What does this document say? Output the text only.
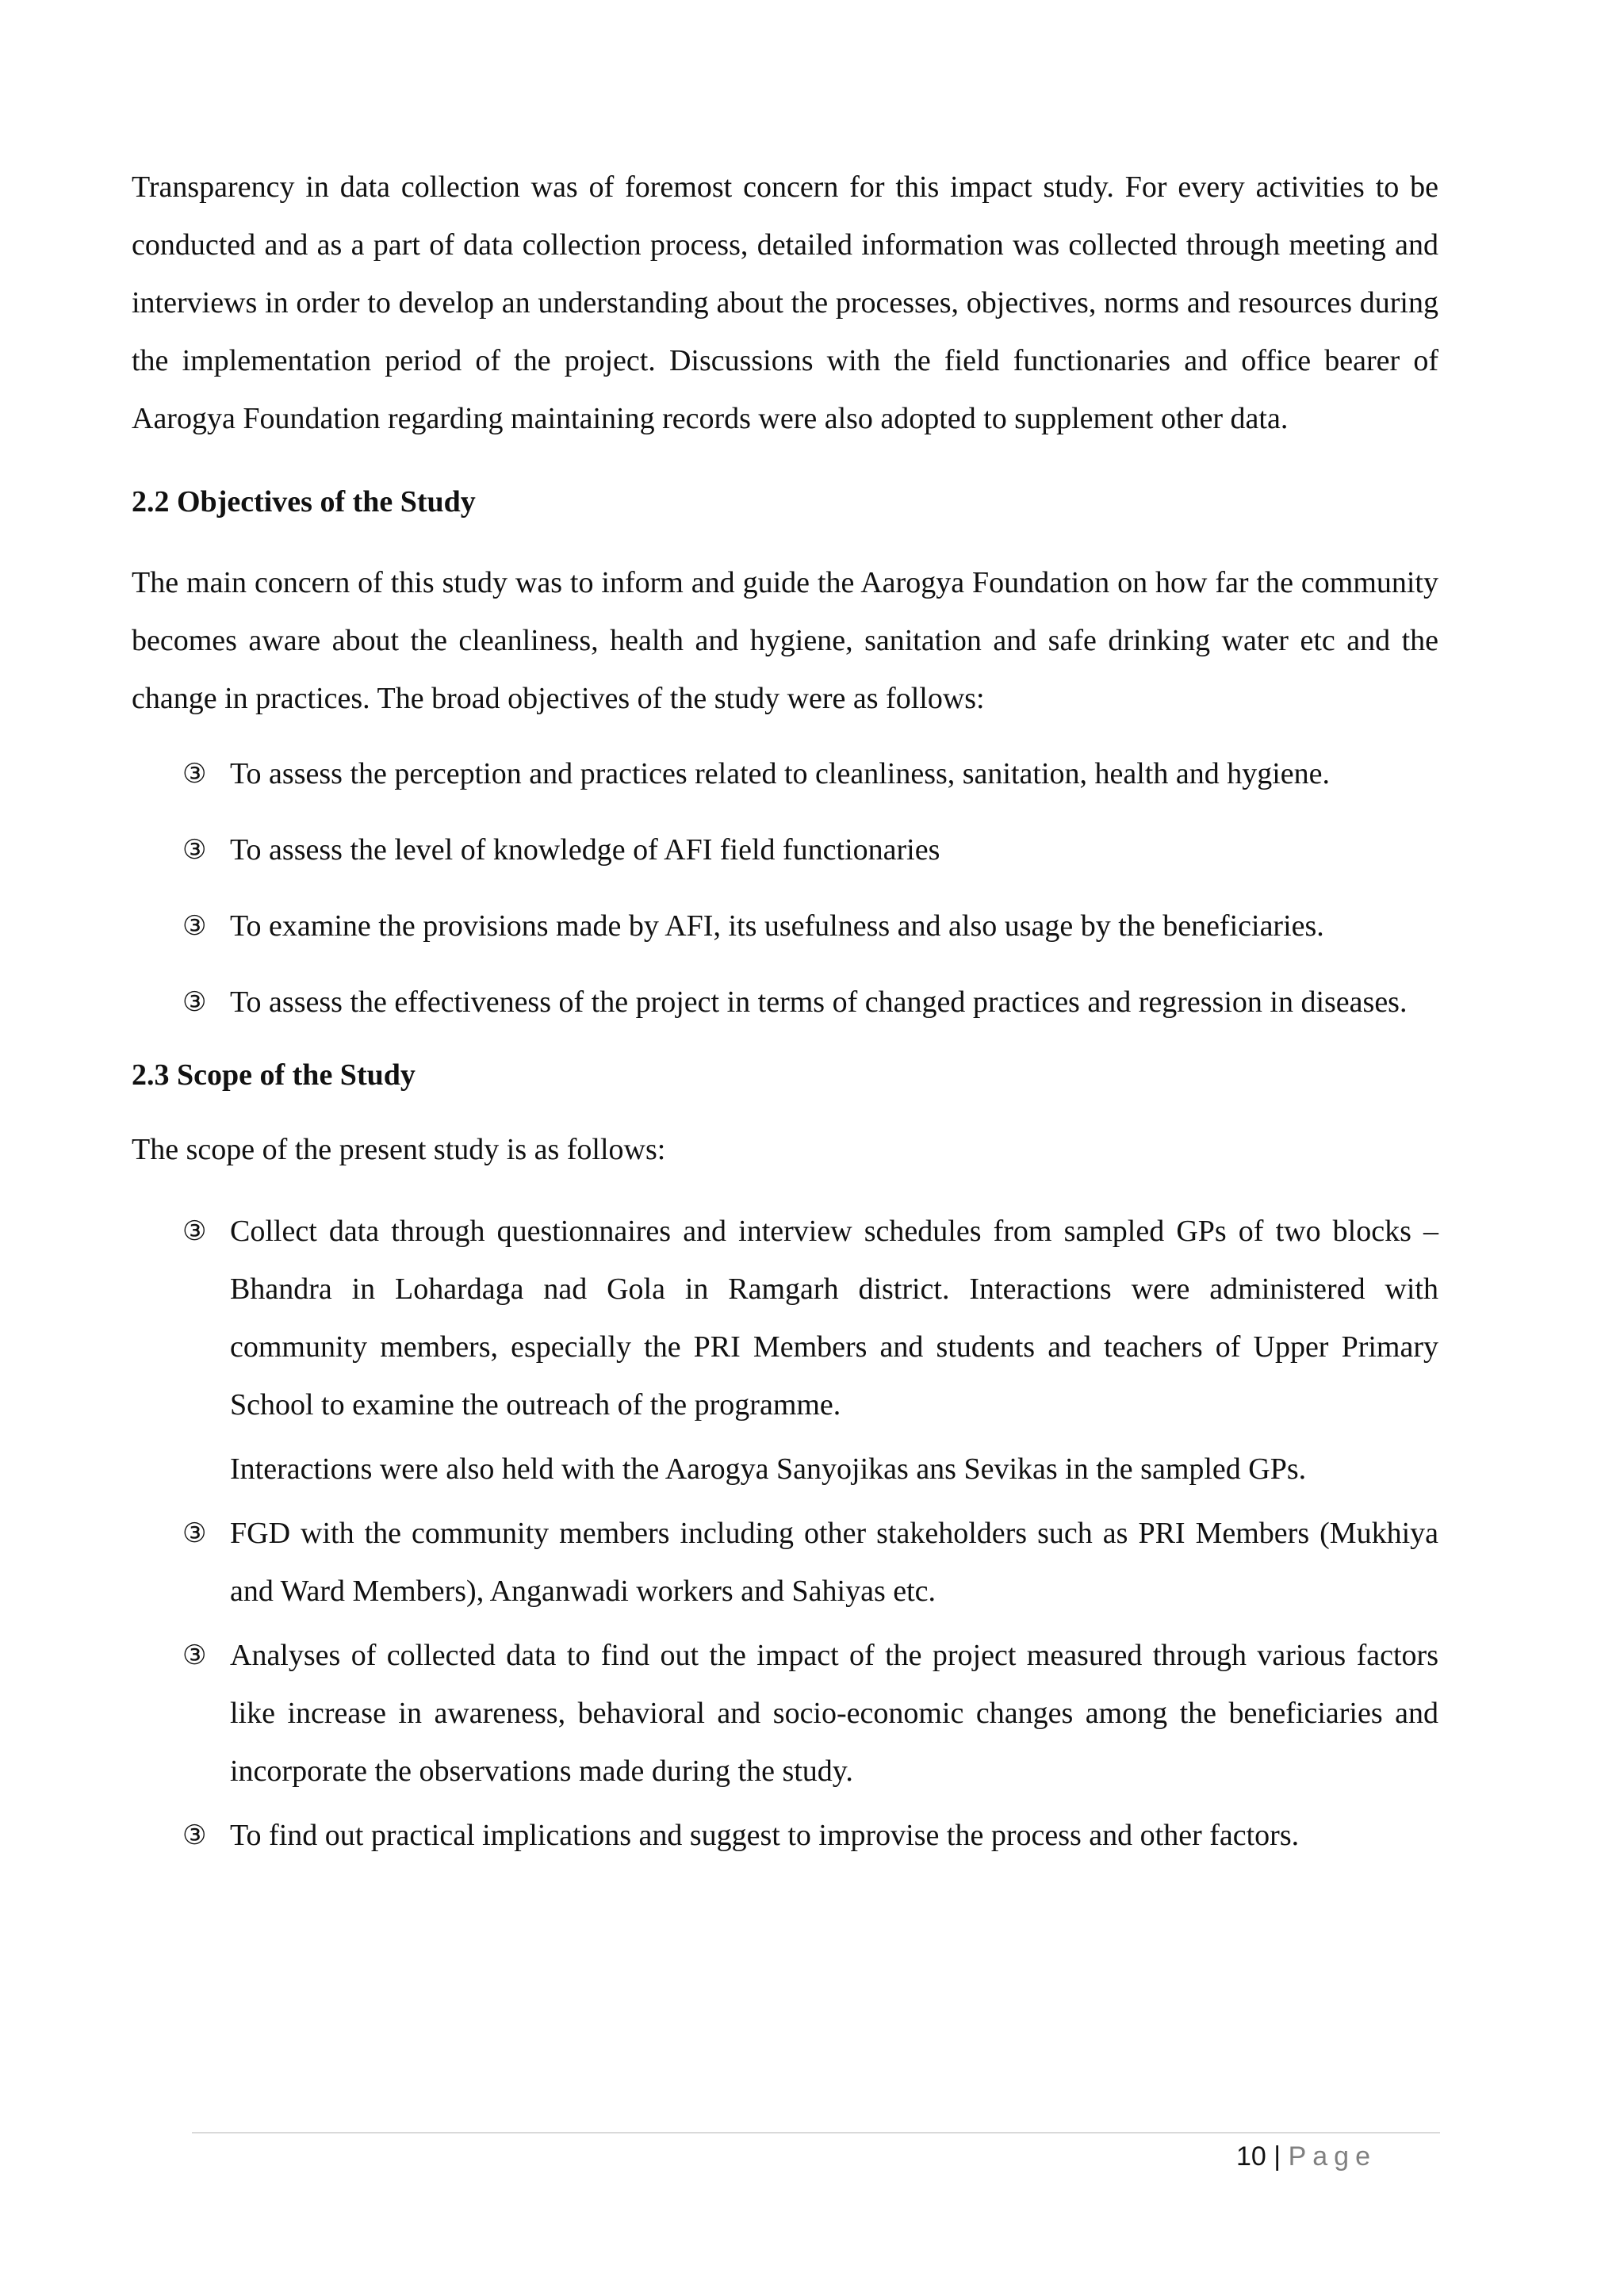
Transparency in data collection was of foremost concern for this impact study. For every activities to be conducted and as a part of data collection process, detailed information was collected through meeting and interviews in order to develop an understanding about the processes, objectives, norms and resources during the implementation period of the project. Discussions with the field functionaries and office bearer of Aarogya Foundation regarding maintaining records were also adopted to supplement other data.

2.2 Objectives of the Study

The main concern of this study was to inform and guide the Aarogya Foundation on how far the community becomes aware about the cleanliness, health and hygiene, sanitation and safe drinking water etc and the change in practices. The broad objectives of the study were as follows:

③ To assess the perception and practices related to cleanliness, sanitation, health and hygiene.
③ To assess the level of knowledge of AFI field functionaries
③ To examine the provisions made by AFI, its usefulness and also usage by the beneficiaries.
③ To assess the effectiveness of the project in terms of changed practices and regression in diseases.
2.3 Scope of the Study

The scope of the present study is as follows:

③ Collect data through questionnaires and interview schedules from sampled GPs of two blocks – Bhandra in Lohardaga nad Gola in Ramgarh district. Interactions were administered with community members, especially the PRI Members and students and teachers of Upper Primary School to examine the outreach of the programme.

Interactions were also held with the Aarogya Sanyojikas ans Sevikas in the sampled GPs.

③ FGD with the community members including other stakeholders such as PRI Members (Mukhiya and Ward Members), Anganwadi workers and Sahiyas etc.
③ Analyses of collected data to find out the impact of the project measured through various factors like increase in awareness, behavioral and socio-economic changes among the beneficiaries and incorporate the observations made during the study.
③ To find out practical implications and suggest to improvise the process and other factors.
10 | Page
